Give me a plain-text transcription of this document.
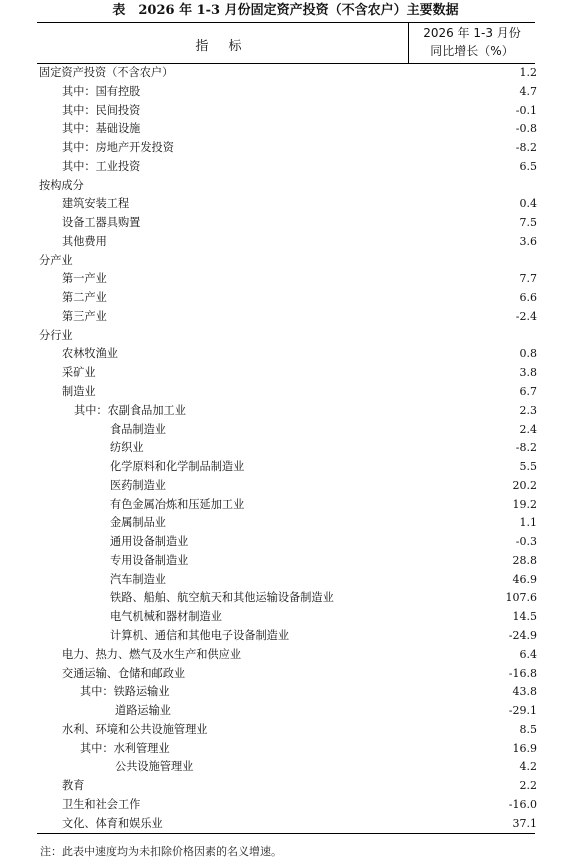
表　2026 年 1-3 月份固定资产投资（不含农户）主要数据
指 标
2026 年 1-3 月份
同比增长（%）
固定资产投资（不含农户）	1.2
其中：国有控股	4.7
其中：民间投资	-0.1
其中：基础设施	-0.8
其中：房地产开发投资	-8.2
其中：工业投资	6.5
按构成分
建筑安装工程	0.4
设备工器具购置	7.5
其他费用	3.6
分产业
第一产业	7.7
第二产业	6.6
第三产业	-2.4
分行业
农林牧渔业	0.8
采矿业	3.8
制造业	6.7
其中：农副食品加工业	2.3
食品制造业	2.4
纺织业	-8.2
化学原料和化学制品制造业	5.5
医药制造业	20.2
有色金属冶炼和压延加工业	19.2
金属制品业	1.1
通用设备制造业	-0.3
专用设备制造业	28.8
汽车制造业	46.9
铁路、船舶、航空航天和其他运输设备制造业	107.6
电气机械和器材制造业	14.5
计算机、通信和其他电子设备制造业	-24.9
电力、热力、燃气及水生产和供应业	6.4
交通运输、仓储和邮政业	-16.8
其中：铁路运输业	43.8
道路运输业	-29.1
水利、环境和公共设施管理业	8.5
其中：水利管理业	16.9
公共设施管理业	4.2
教育	2.2
卫生和社会工作	-16.0
文化、体育和娱乐业	37.1
注：此表中速度均为未扣除价格因素的名义增速。
